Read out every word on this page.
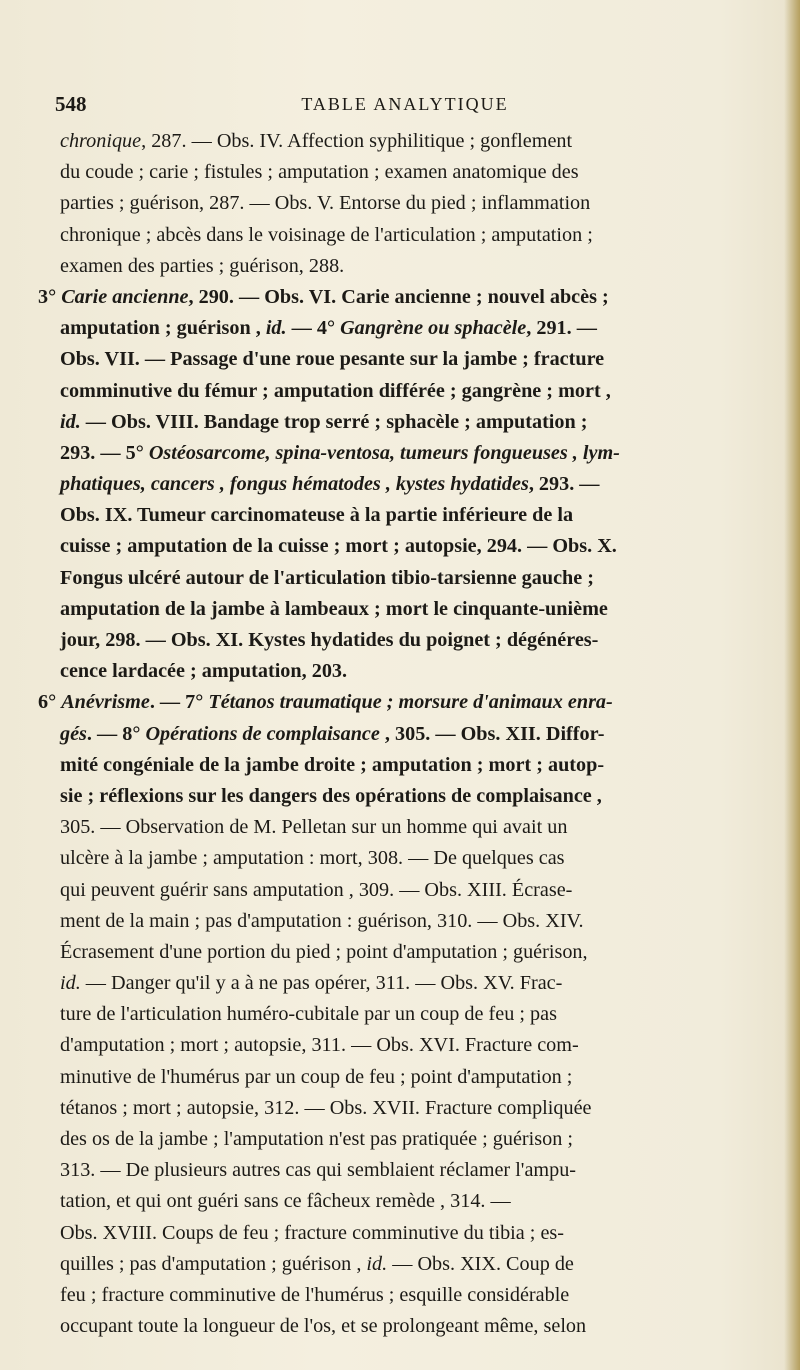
548	TABLE ANALYTIQUE
chronique, 287. — Obs. IV. Affection syphilitique ; gonflement
du coude ; carie ; fistules ; amputation ; examen anatomique des
parties ; guérison, 287. — Obs. V. Entorse du pied ; inflammation
chronique ; abcès dans le voisinage de l'articulation ; amputation ;
examen des parties ; guérison, 288.
3° Carie ancienne, 290. — Obs. VI. Carie ancienne ; nouvel abcès ;
amputation ; guérison , id. — 4° Gangrène ou sphacèle, 291. —
Obs. VII. — Passage d'une roue pesante sur la jambe ; fracture
comminutive du fémur ; amputation différée ; gangrène ; mort ,
id. — Obs. VIII. Bandage trop serré ; sphacèle ; amputation ;
293. — 5° Ostéosarcome, spina-ventosa, tumeurs fongueuses , lym-
phatiques, cancers , fongus hématodes , kystes hydatides, 293. —
Obs. IX. Tumeur carcinomateuse à la partie inférieure de la
cuisse ; amputation de la cuisse ; mort ; autopsie, 294. — Obs. X.
Fongus ulcéré autour de l'articulation tibio-tarsienne gauche ;
amputation de la jambe à lambeaux ; mort le cinquante-unième
jour, 298. — Obs. XI. Kystes hydatides du poignet ; dégénéres-
cence lardacée ; amputation, 203.
6° Anévrisme. — 7° Tétanos traumatique ; morsure d'animaux enra-
gés. — 8° Opérations de complaisance , 305. — Obs. XII. Diffor-
mité congéniale de la jambe droite ; amputation ; mort ; autop-
sie ; réflexions sur les dangers des opérations de complaisance ,
305. — Observation de M. Pelletan sur un homme qui avait un
ulcère à la jambe ; amputation : mort, 308. — De quelques cas
qui peuvent guérir sans amputation , 309. — Obs. XIII. Écrase-
ment de la main ; pas d'amputation : guérison, 310. — Obs. XIV.
Écrasement d'une portion du pied ; point d'amputation ; guérison,
id. — Danger qu'il y a à ne pas opérer, 311. — Obs. XV. Frac-
ture de l'articulation huméro-cubitale par un coup de feu ; pas
d'amputation ; mort ; autopsie, 311. — Obs. XVI. Fracture com-
minutive de l'humérus par un coup de feu ; point d'amputation ;
tétanos ; mort ; autopsie, 312. — Obs. XVII. Fracture compliquée
des os de la jambe ; l'amputation n'est pas pratiquée ; guérison ;
313. — De plusieurs autres cas qui semblaient réclamer l'ampu-
tation, et qui ont guéri sans ce fâcheux remède , 314. —
Obs. XVIII. Coups de feu ; fracture comminutive du tibia ; es-
quilles ; pas d'amputation ; guérison , id. — Obs. XIX. Coup de
feu ; fracture comminutive de l'humérus ; esquille considérable
occupant toute la longueur de l'os, et se prolongeant même, selon
